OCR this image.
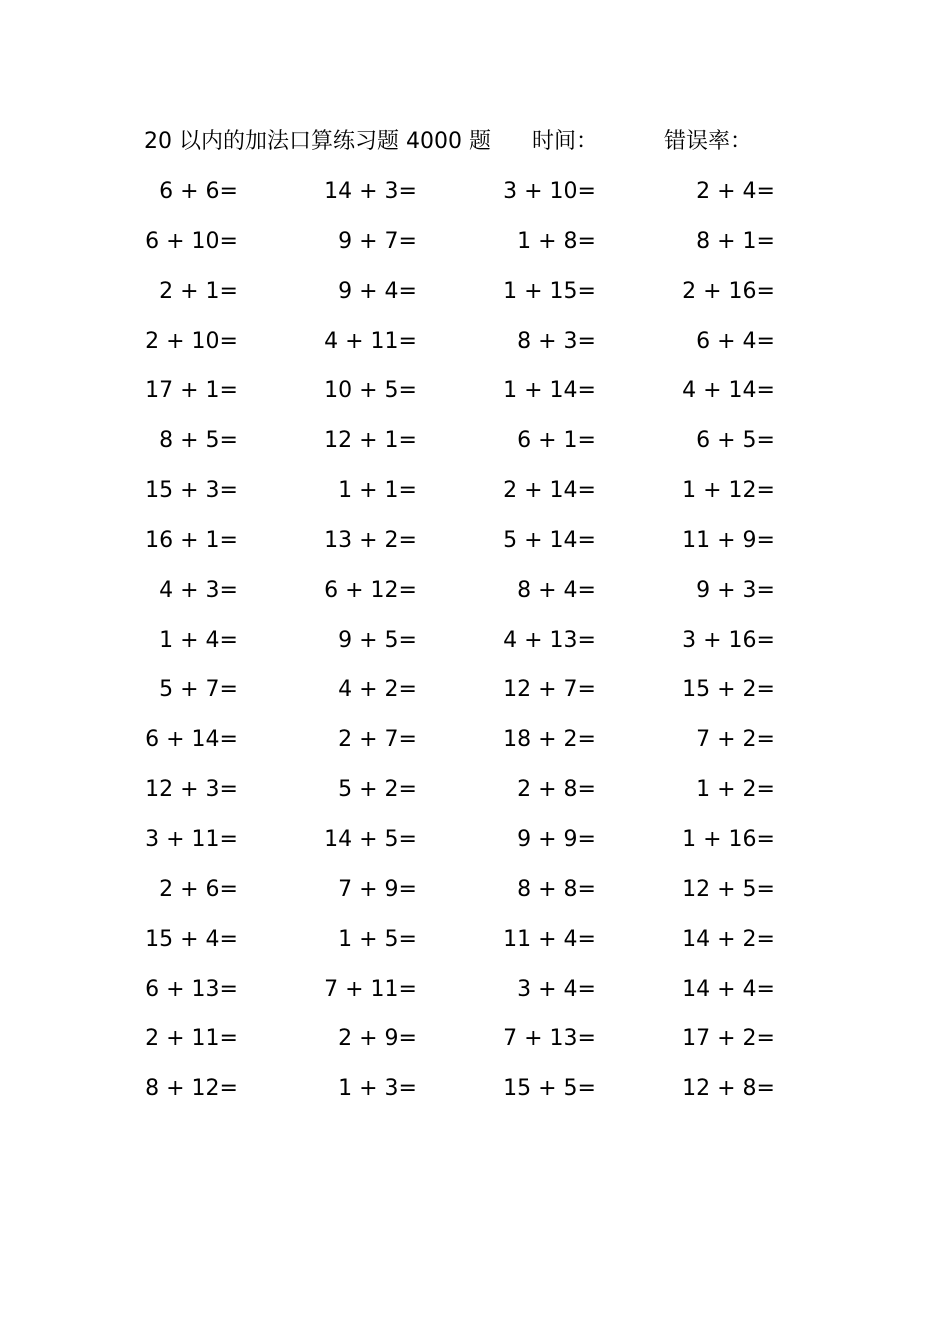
20 以内的加法口算练习题 4000 题 时间：	错误率：
6 + 6=	14 + 3=	3 + 10=	2 + 4=
6 + 10=	9 + 7=	1 + 8=	8 + 1=
2 + 1=	9 + 4=	1 + 15=	2 + 16=
2 + 10=	4 + 11=	8 + 3=	6 + 4=
17 + 1=	10 + 5=	1 + 14=	4 + 14=
8 + 5=	12 + 1=	6 + 1=	6 + 5=
15 + 3=	1 + 1=	2 + 14=	1 + 12=
16 + 1=	13 + 2=	5 + 14=	11 + 9=
4 + 3=	6 + 12=	8 + 4=	9 + 3=
1 + 4=	9 + 5=	4 + 13=	3 + 16=
5 + 7=	4 + 2=	12 + 7=	15 + 2=
6 + 14=	2 + 7=	18 + 2=	7 + 2=
12 + 3=	5 + 2=	2 + 8=	1 + 2=
3 + 11=	14 + 5=	9 + 9=	1 + 16=
2 + 6=	7 + 9=	8 + 8=	12 + 5=
15 + 4=	1 + 5=	11 + 4=	14 + 2=
6 + 13=	7 + 11=	3 + 4=	14 + 4=
2 + 11=	2 + 9=	7 + 13=	17 + 2=
8 + 12=	1 + 3=	15 + 5=	12 + 8=
